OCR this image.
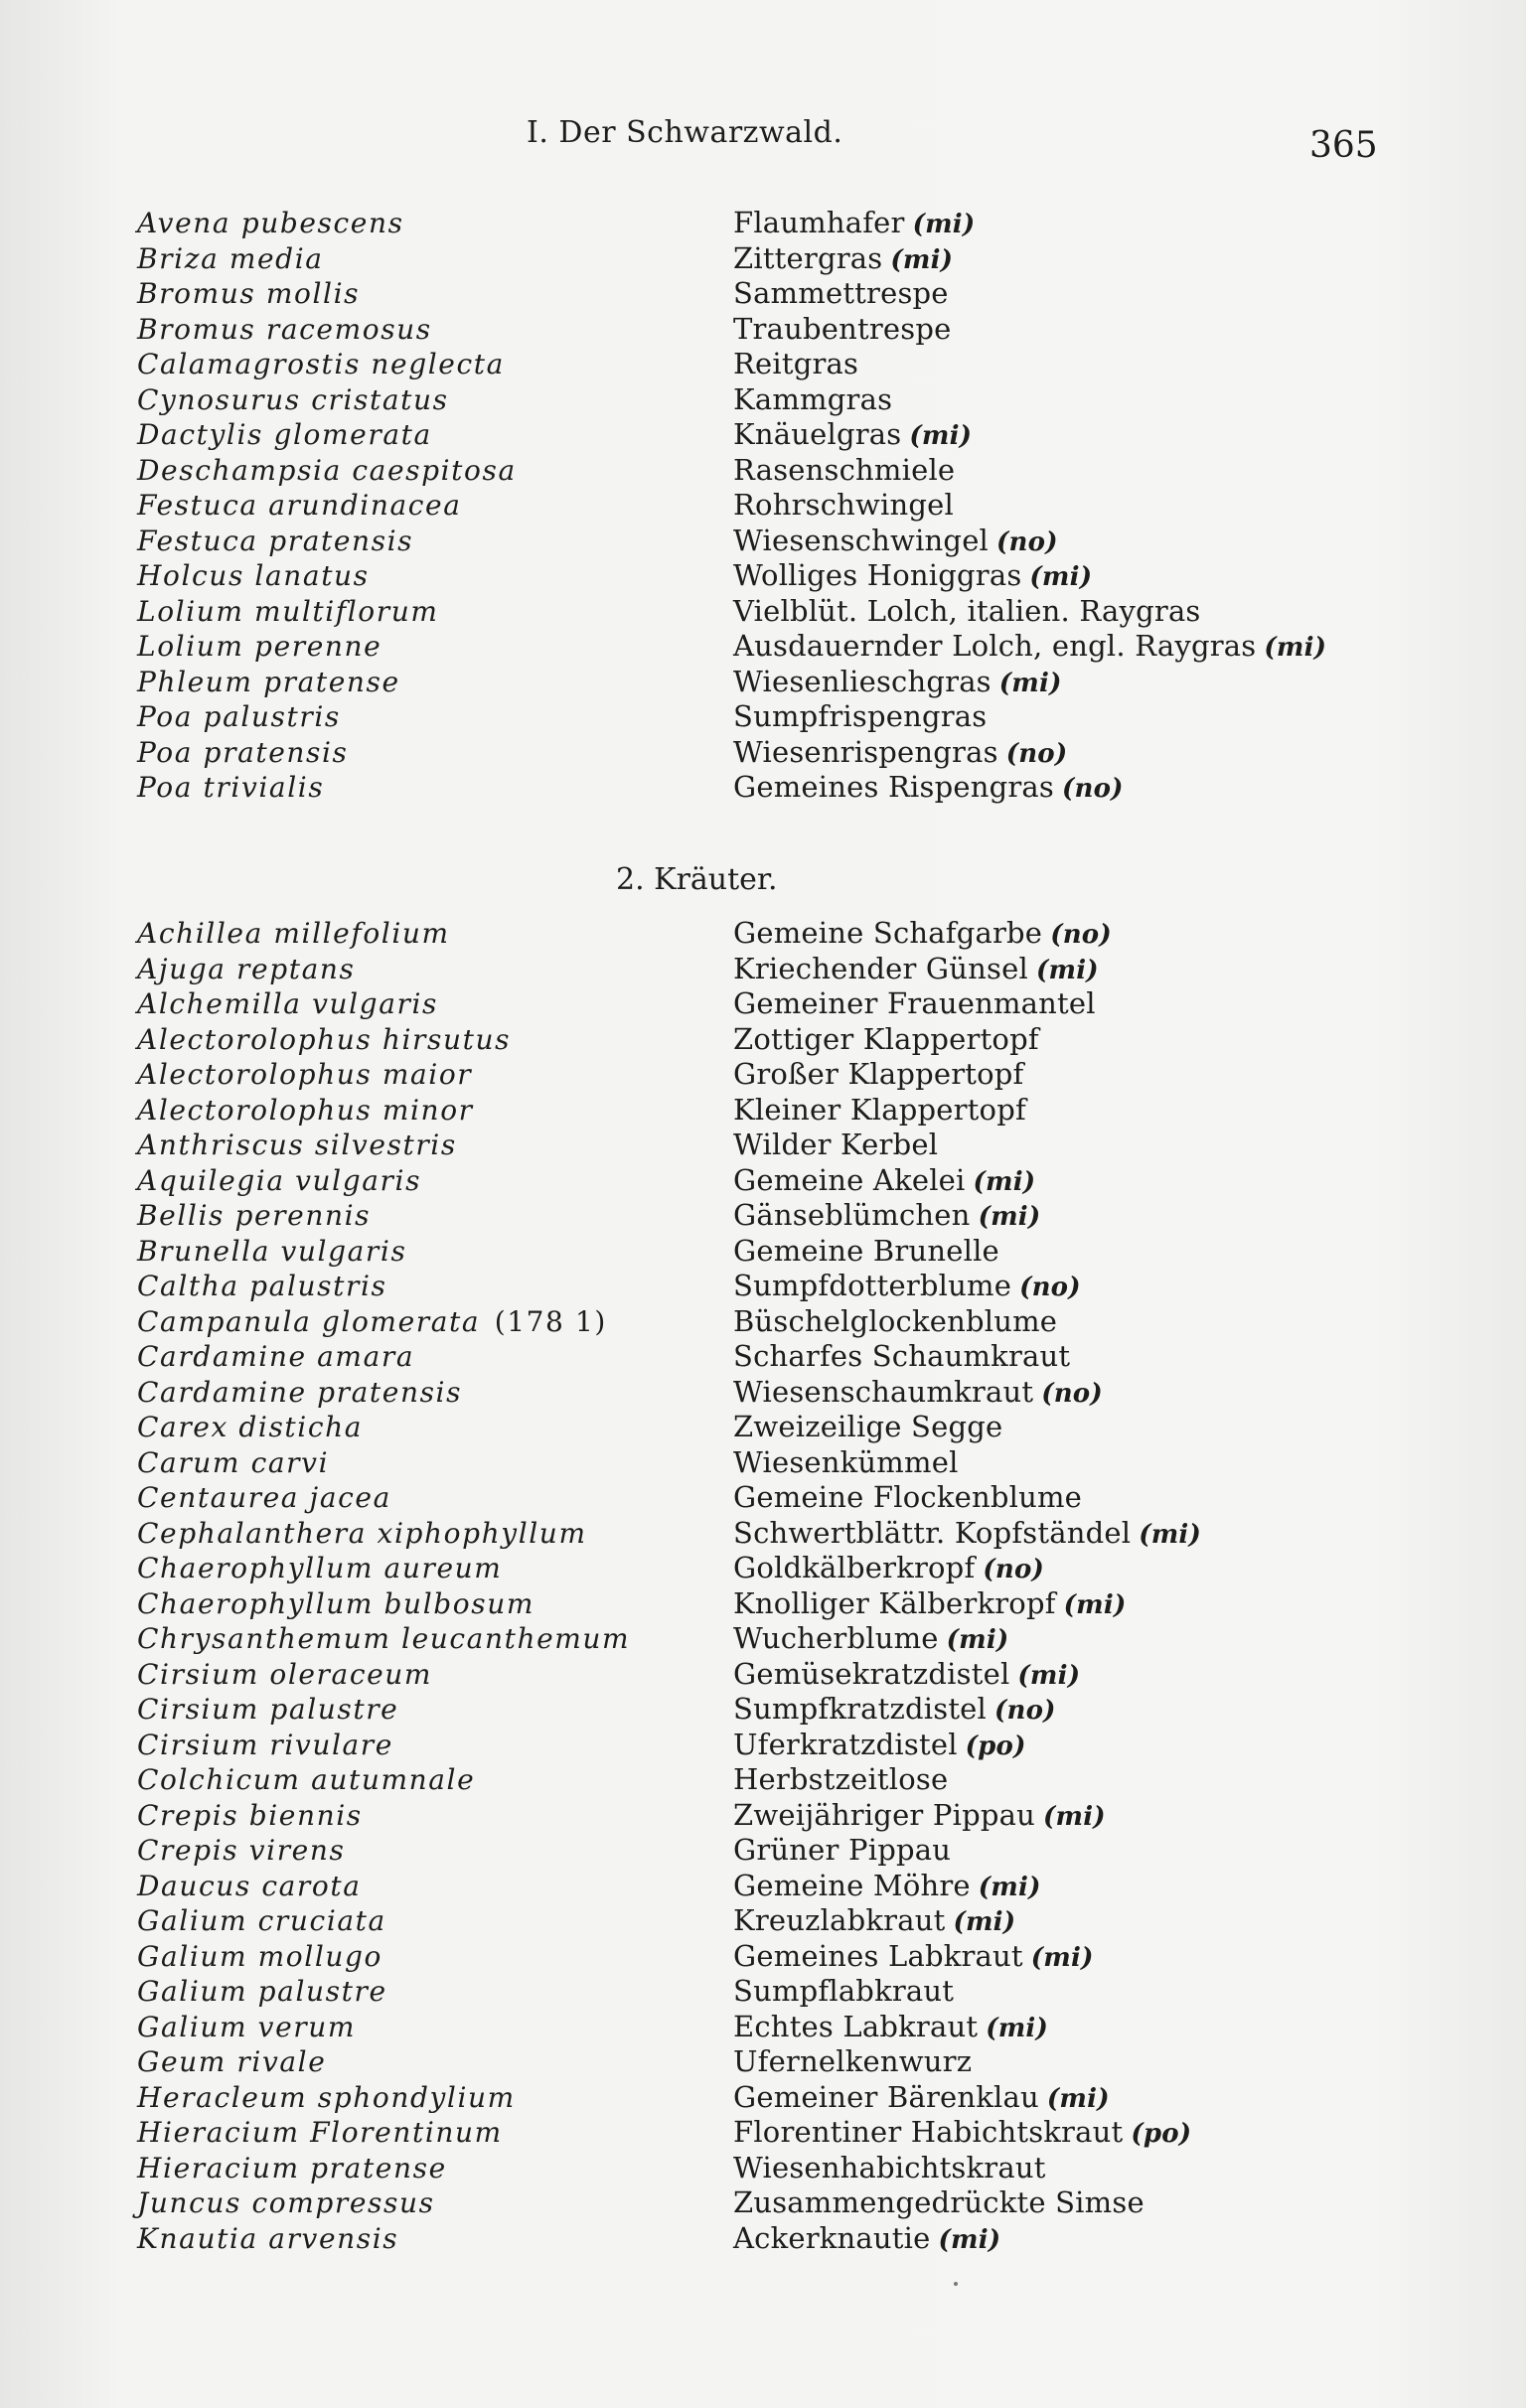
I. Der Schwarzwald.	365
Avena pubescens	Flaumhafer (mi)
Briza media	Zittergras (mi)
Bromus mollis	Sammettrespe
Bromus racemosus	Traubentrespe
Calamagrostis neglecta	Reitgras
Cynosurus cristatus	Kammgras
Dactylis glomerata	Knäuelgras (mi)
Deschampsia caespitosa	Rasenschmiele
Festuca arundinacea	Rohrschwingel
Festuca pratensis	Wiesenschwingel (no)
Holcus lanatus	Wolliges Honiggras (mi)
Lolium multiflorum	Vielblüt. Lolch, italien. Raygras
Lolium perenne	Ausdauernder Lolch, engl. Raygras (mi)
Phleum pratense	Wiesenlieschgras (mi)
Poa palustris	Sumpfrispengras
Poa pratensis	Wiesenrispengras (no)
Poa trivialis	Gemeines Rispengras (no)
2. Kräuter.
Achillea millefolium	Gemeine Schafgarbe (no)
Ajuga reptans	Kriechender Günsel (mi)
Alchemilla vulgaris	Gemeiner Frauenmantel
Alectorolophus hirsutus	Zottiger Klappertopf
Alectorolophus maior	Großer Klappertopf
Alectorolophus minor	Kleiner Klappertopf
Anthriscus silvestris	Wilder Kerbel
Aquilegia vulgaris	Gemeine Akelei (mi)
Bellis perennis	Gänseblümchen (mi)
Brunella vulgaris	Gemeine Brunelle
Caltha palustris	Sumpfdotterblume (no)
Campanula glomerata (178 1)	Büschelglockenblume
Cardamine amara	Scharfes Schaumkraut
Cardamine pratensis	Wiesenschaumkraut (no)
Carex disticha	Zweizeilige Segge
Carum carvi	Wiesenkümmel
Centaurea jacea	Gemeine Flockenblume
Cephalanthera xiphophyllum	Schwertblättr. Kopfständel (mi)
Chaerophyllum aureum	Goldkälberkropf (no)
Chaerophyllum bulbosum	Knolliger Kälberkropf (mi)
Chrysanthemum leucanthemum	Wucherblume (mi)
Cirsium oleraceum	Gemüsekratzdistel (mi)
Cirsium palustre	Sumpfkratzdistel (no)
Cirsium rivulare	Uferkratzdistel (po)
Colchicum autumnale	Herbstzeitlose
Crepis biennis	Zweijähriger Pippau (mi)
Crepis virens	Grüner Pippau
Daucus carota	Gemeine Möhre (mi)
Galium cruciata	Kreuzlabkraut (mi)
Galium mollugo	Gemeines Labkraut (mi)
Galium palustre	Sumpflabkraut
Galium verum	Echtes Labkraut (mi)
Geum rivale	Ufernelkenwurz
Heracleum sphondylium	Gemeiner Bärenklau (mi)
Hieracium Florentinum	Florentiner Habichtskraut (po)
Hieracium pratense	Wiesenhabichtskraut
Juncus compressus	Zusammengedrückte Simse
Knautia arvensis	Ackerknautie (mi)
